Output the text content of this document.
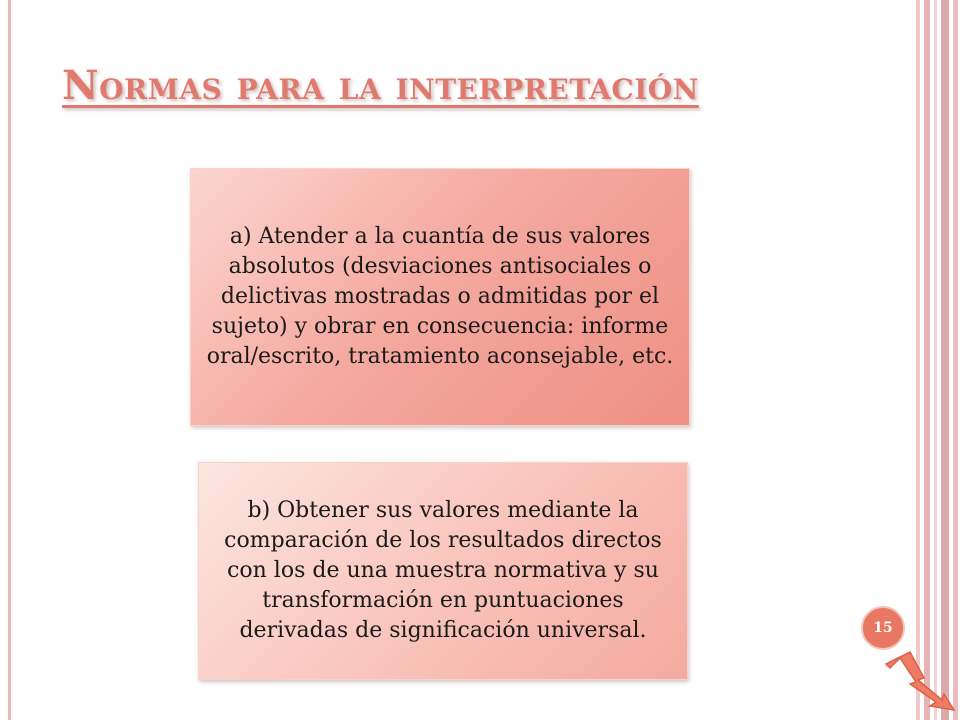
Normas para la interpretación
a) Atender a la cuantía de sus valores absolutos (desviaciones antisociales o delictivas mostradas o admitidas por el sujeto) y obrar en consecuencia: informe oral/escrito, tratamiento aconsejable, etc.
b) Obtener sus valores mediante la comparación de los resultados directos con los de una muestra normativa y su transformación en puntuaciones derivadas de significación universal.	15
